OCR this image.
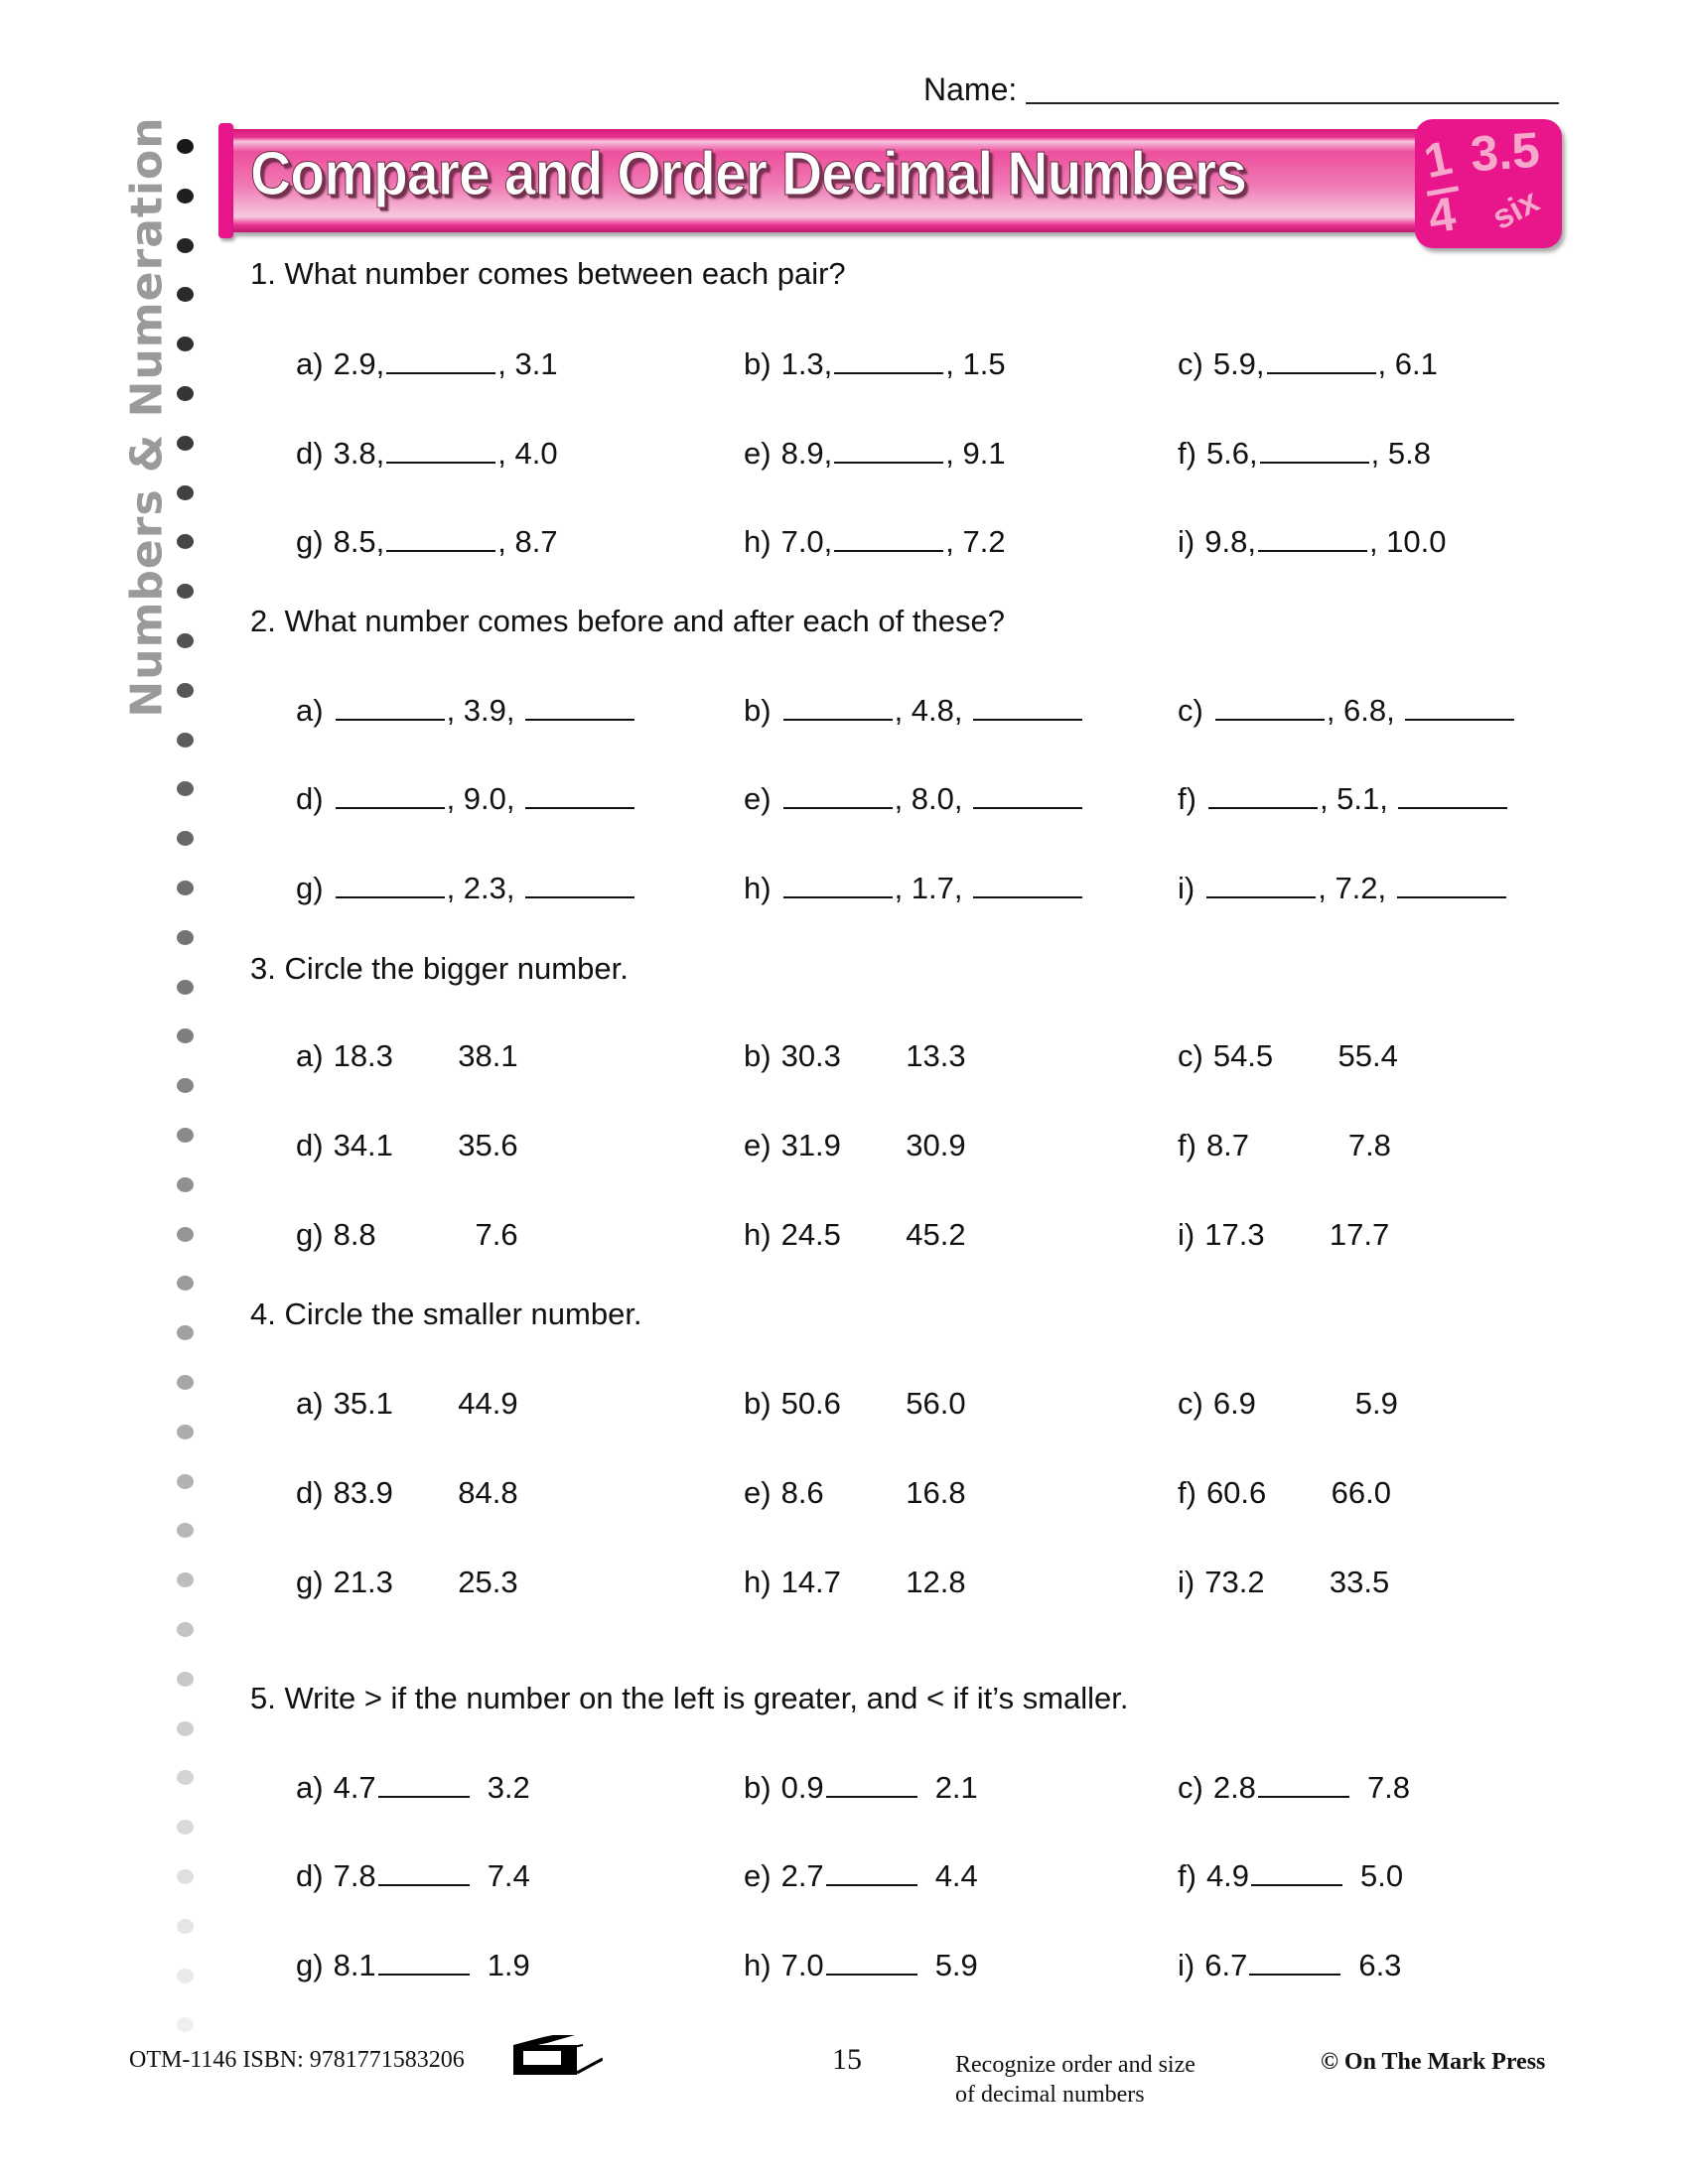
Name:
Numbers & Numeration Compare and Order Decimal Numbers	1
4
3.5
six
1. What number comes between each pair?
a) 2.9,	, 3.1	b) 1.3,	, 1.5	c) 5.9,	, 6.1
d) 3.8,	, 4.0	e) 8.9,	, 9.1	f) 5.6,	, 5.8
g) 8.5,	, 8.7	h) 7.0,	, 7.2	i) 9.8,	, 10.0
2. What number comes before and after each of these?
a)	, 3.9,	b)	, 4.8,	c)	, 6.8,
d)	, 9.0,	e)	, 8.0,	f)	, 5.1,
g)	, 2.3,	h)	, 1.7,	i)	, 7.2,
3. Circle the bigger number.
a) 18.3 38.1	b) 30.3 13.3	c) 54.5 55.4
d) 34.1 35.6	e) 31.9 30.9	f) 8.7	7.8
g) 8.8	7.6	h) 24.5 45.2	i) 17.3 17.7
4. Circle the smaller number.
a) 35.1 44.9	b) 50.6 56.0	c) 6.9	5.9
d) 83.9 84.8	e) 8.6	16.8	f) 60.6 66.0
g) 21.3 25.3	h) 14.7 12.8	i) 73.2 33.5
5. Write > if the number on the left is greater, and < if it’s smaller.
a) 4.7	3.2	b) 0.9	2.1	c) 2.8	7.8
d) 7.8	7.4	e) 2.7	4.4	f) 4.9	5.0
g) 8.1	1.9	h) 7.0	5.9	i) 6.7	6.3
OTM-1146 ISBN: 9781771583206	15	Recognize order and size
of decimal numbers
© On The Mark Press
